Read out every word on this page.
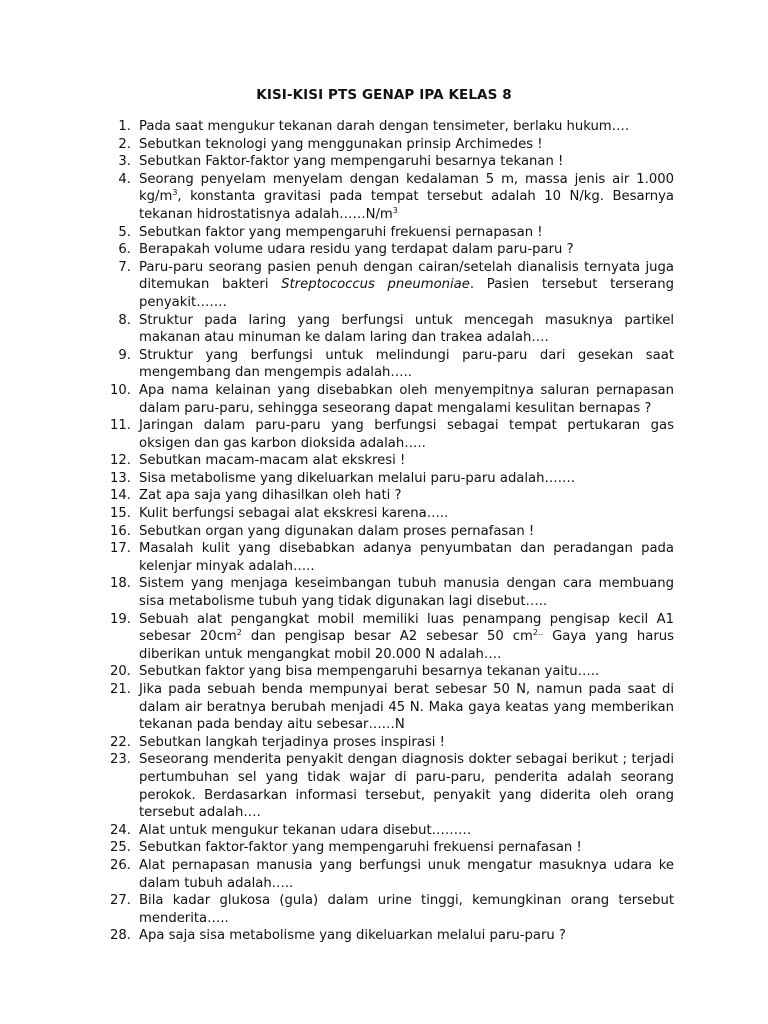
KISI-KISI PTS GENAP IPA KELAS 8
1. Pada saat mengukur tekanan darah dengan tensimeter, berlaku hukum….
2. Sebutkan teknologi yang menggunakan prinsip Archimedes !
3. Sebutkan Faktor-faktor yang mempengaruhi besarnya tekanan !
4. Seorang penyelam menyelam dengan kedalaman 5 m, massa jenis air 1.000 $kg/m^3$, konstanta gravitasi pada tempat tersebut adalah 10 N/kg. Besarnya tekanan hidrostatisnya $adalah\dots\dots N/m^3$
5. Sebutkan faktor yang mempengaruhi frekuensi pernapasan !
6. Berapakah volume udara residu yang terdapat dalam paru-paru ?
7. Paru-paru seorang pasien penuh dengan cairan/setelah dianalisis ternyata juga ditemukan bakteri Streptococcus pneumoniae. Pasien tersebut terserang penyakit…….
8. Struktur pada laring yang berfungsi untuk mencegah masuknya partikel makanan atau minuman ke dalam laring dan trakea adalah….
9. Struktur yang berfungsi untuk melindungi paru-paru dari gesekan saat mengembang dan mengempis adalah…..
10. Apa nama kelainan yang disebabkan oleh menyempitnya saluran pernapasan dalam paru-paru, sehingga seseorang dapat mengalami kesulitan bernapas ?
11. Jaringan dalam paru-paru yang berfungsi sebagai tempat pertukaran gas oksigen dan gas karbon dioksida adalah…..
12. Sebutkan macam-macam alat ekskresi !
13. Sisa metabolisme yang dikeluarkan melalui paru-paru adalah…….
14. Zat apa saja yang dihasilkan oleh hati ?
15. Kulit berfungsi sebagai alat ekskresi karena…..
16. Sebutkan organ yang digunakan dalam proses pernafasan !
17. Masalah kulit yang disebabkan adanya penyumbatan dan peradangan pada kelenjar minyak adalah…..
18. Sistem yang menjaga keseimbangan tubuh manusia dengan cara membuang sisa metabolisme tubuh yang tidak digunakan lagi disebut…..
19. Sebuah alat pengangkat mobil memiliki luas penampang pengisap kecil A1 sebesar $20cm^2$ dan pengisap besar A2 sebesar 50 $cm^{2..}$ Gaya yang harus diberikan untuk mengangkat mobil 20.000 N adalah….
20. Sebutkan faktor yang bisa mempengaruhi besarnya tekanan yaitu…..
21. Jika pada sebuah benda mempunyai berat sebesar 50 N, namun pada saat di dalam air beratnya berubah menjadi 45 N. Maka gaya keatas yang memberikan tekanan pada benday aitu sebesar……N
22. Sebutkan langkah terjadinya proses inspirasi !
23. Seseorang menderita penyakit dengan diagnosis dokter sebagai berikut ; terjadi pertumbuhan sel yang tidak wajar di paru-paru, penderita adalah seorang perokok. Berdasarkan informasi tersebut, penyakit yang diderita oleh orang tersebut adalah….
24. Alat untuk mengukur tekanan udara disebut………
25. Sebutkan faktor-faktor yang mempengaruhi frekuensi pernafasan !
26. Alat pernapasan manusia yang berfungsi unuk mengatur masuknya udara ke dalam tubuh adalah…..
27. Bila kadar glukosa (gula) dalam urine tinggi, kemungkinan orang tersebut menderita…..
28. Apa saja sisa metabolisme yang dikeluarkan melalui paru-paru ?
